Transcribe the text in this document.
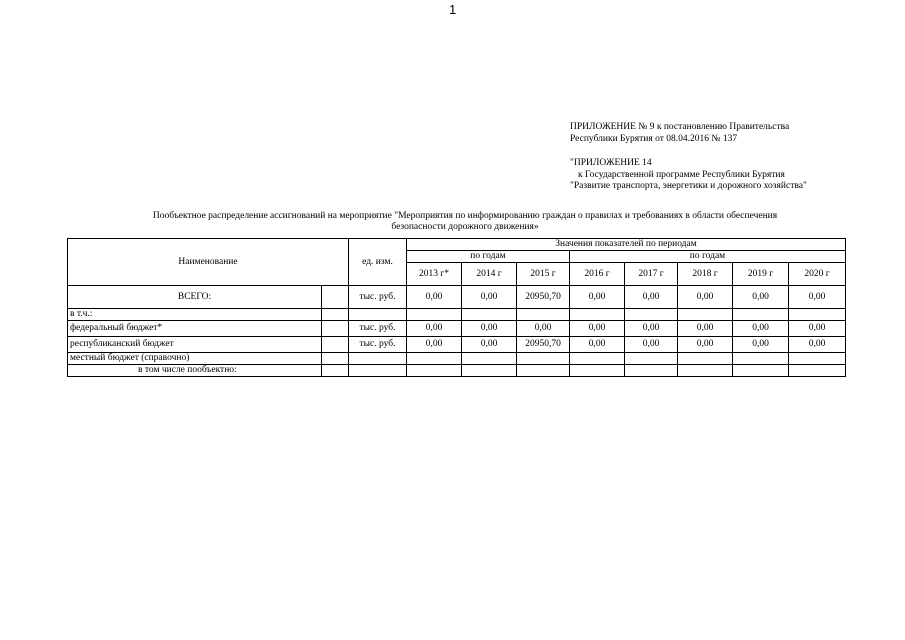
1
ПРИЛОЖЕНИЕ № 9 к постановлению Правительства
Республики Бурятия от 08.04.2016 № 137
"ПРИЛОЖЕНИЕ 14
к Государственной программе Республики Бурятия
"Развитие транспорта, энергетики и дорожного хозяйства"
Пообъектное распределение ассигнований на мероприятие "Мероприятия по информированию граждан о правилах и требованиях в области обеспечения
безопасности дорожного движения»
Наименование		ед. изм.	Значения показателей по периодам							
			по годам			по годам				
			2013 г*	2014 г	2015 г	2016 г	2017 г	2018 г	2019 г	2020 г
ВСЕГО:		тыс. руб.	0,00	0,00	20950,70	0,00	0,00	0,00	0,00	0,00
в т.ч.:										
федеральный бюджет*		тыс. руб.	0,00	0,00	0,00	0,00	0,00	0,00	0,00	0,00
республиканский бюджет		тыс. руб.	0,00	0,00	20950,70	0,00	0,00	0,00	0,00	0,00
местный бюджет (справочно)										
в том числе пообъектно:										
